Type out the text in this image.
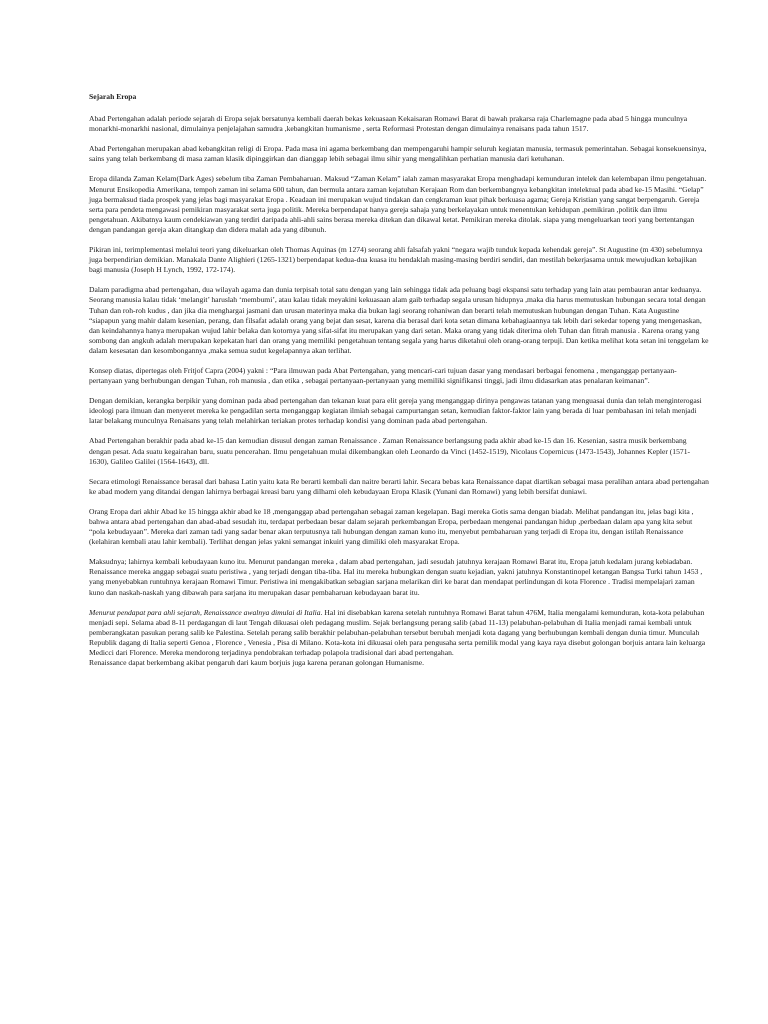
Sejarah Eropa

Abad Pertengahan adalah periode sejarah di Eropa sejak bersatunya kembali daerah bekas kekuasaan Kekaisaran Romawi Barat di bawah prakarsa raja Charlemagne pada abad 5 hingga munculnya monarkhi-monarkhi nasional, dimulainya penjelajahan samudra ,kebangkitan humanisme , serta Reformasi Protestan dengan dimulainya renaisans pada tahun 1517.

Abad Pertengahan merupakan abad kebangkitan religi di Eropa. Pada masa ini agama berkembang dan mempengaruhi hampir seluruh kegiatan manusia, termasuk pemerintahan. Sebagai konsekuensinya, sains yang telah berkembang di masa zaman klasik dipinggirkan dan dianggap lebih sebagai ilmu sihir yang mengalihkan perhatian manusia dari ketuhanan.

Eropa dilanda Zaman Kelam(Dark Ages) sebelum tiba Zaman Pembaharuan. Maksud “Zaman Kelam” ialah zaman masyarakat Eropa menghadapi kemunduran intelek dan kelembapan ilmu pengetahuan. Menurut Ensikopedia Amerikana, tempoh zaman ini selama 600 tahun, dan bermula antara zaman kejatuhan Kerajaan Rom dan berkembangnya kebangkitan intelektual pada abad ke-15 Masihi. “Gelap” juga bermaksud tiada prospek yang jelas bagi masyarakat Eropa . Keadaan ini merupakan wujud tindakan dan cengkraman kuat pihak berkuasa agama; Gereja Kristian yang sangat berpengaruh. Gereja serta para pendeta mengawasi pemikiran masyarakat serta juga politik. Mereka berpendapat hanya gereja sahaja yang berkelayakan untuk menentukan kehidupan ,pemikiran ,politik dan ilmu pengetahuan. Akibatnya kaum cendekiawan yang terdiri daripada ahli-ahli sains berasa mereka ditekan dan dikawal ketat. Pemikiran mereka ditolak. siapa yang mengeluarkan teori yang bertentangan dengan pandangan gereja akan ditangkap dan didera malah ada yang dibunuh.

Pikiran ini, terimplementasi melalui teori yang dikeluarkan oleh Thomas Aquinas (m 1274) seorang ahli falsafah yakni “negara wajib tunduk kepada kehendak gereja”. St Augustine (m 430) sebelumnya juga berpendirian demikian. Manakala Dante Alighieri (1265-1321) berpendapat kedua-dua kuasa itu hendaklah masing-masing berdiri sendiri, dan mestilah bekerjasama untuk mewujudkan kebajikan bagi manusia (Joseph H Lynch, 1992, 172-174).

Dalam paradigma abad pertengahan, dua wilayah agama dan dunia terpisah total satu dengan yang lain sehingga tidak ada peluang bagi ekspansi satu terhadap yang lain atau pembauran antar keduanya. Seorang manusia kalau tidak ‘melangit’ haruslah ‘membumi’, atau kalau tidak meyakini kekuasaan alam gaib terhadap segala urusan hidupnya ,maka dia harus memutuskan hubungan secara total dengan Tuhan dan roh-roh kudus , dan jika dia menghargai jasmani dan urusan materinya maka dia bukan lagi seorang rohaniwan dan berarti telah memutuskan hubungan dengan Tuhan. Kata Augustine “siapapun yang mahir dalam kesenian, perang, dan filsafat adalah orang yang bejat dan sesat, karena dia berasal dari kota setan dimana kebahagiaannya tak lebih dari sekedar topeng yang mengenaskan, dan keindahannya hanya merupakan wujud lahir belaka dan kotornya yang sifat-sifat itu merupakan yang dari setan. Maka orang yang tidak diterima oleh Tuhan dan fitrah manusia . Karena orang yang sombong dan angkuh adalah merupakan kepekatan hari dan orang yang memiliki pengetahuan tentang segala yang harus diketahui oleh orang-orang terpuji. Dan ketika melihat kota setan ini tenggelam ke dalam kesesatan dan kesombongannya ,maka semua sudut kegelapannya akan terlihat.

Konsep diatas, dipertegas oleh Fritjof Capra (2004) yakni : “Para ilmuwan pada Abat Pertengahan, yang mencari-cari tujuan dasar yang mendasari berbagai fenomena , menganggap pertanyaan-pertanyaan yang berhubungan dengan Tuhan, roh manusia , dan etika , sebagai pertanyaan-pertanyaan yang memiliki signifikansi tinggi, jadi ilmu didasarkan atas penalaran keimanan”.

Dengan demikian, kerangka berpikir yang dominan pada abad pertengahan dan tekanan kuat para elit gereja yang menganggap dirinya pengawas tatanan yang menguasai dunia dan telah menginterogasi ideologi para ilmuan dan menyeret mereka ke pengadilan serta menganggap kegiatan ilmiah sebagai campurtangan setan, kemudian faktor-faktor lain yang berada di luar pembahasan ini telah menjadi latar belakang munculnya Renaisans yang telah melahirkan teriakan protes terhadap kondisi yang dominan pada abad pertengahan.

Abad Pertengahan berakhir pada abad ke-15 dan kemudian disusul dengan zaman Renaissance . Zaman Renaissance berlangsung pada akhir abad ke-15 dan 16. Kesenian, sastra musik berkembang dengan pesat. Ada suatu kegairahan baru, suatu pencerahan. Ilmu pengetahuan mulai dikembangkan oleh Leonardo da Vinci (1452-1519), Nicolaus Copernicus (1473-1543), Johannes Kepler (1571-1630), Galileo Galilei (1564-1643), dll.

Secara etimologi Renaissance berasal dari bahasa Latin yaitu kata Re berarti kembali dan naitre berarti lahir. Secara bebas kata Renaissance dapat diartikan sebagai masa peralihan antara abad pertengahan ke abad modern yang ditandai dengan lahirnya berbagai kreasi baru yang dilhami oleh kebudayaan Eropa Klasik (Yunani dan Romawi) yang lebih bersifat duniawi.

Orang Eropa dari akhir Abad ke 15 hingga akhir abad ke 18 ,menganggap abad pertengahan sebagai zaman kegelapan. Bagi mereka Gotis sama dengan biadab. Melihat pandangan itu, jelas bagi kita , bahwa antara abad pertengahan dan abad-abad sesudah itu, terdapat perbedaan besar dalam sejarah perkembangan Eropa, perbedaan mengenai pandangan hidup ,perbedaan dalam apa yang kita sebut “pola kebudayaan”. Mereka dari zaman tadi yang sadar benar akan terputusnya tali hubungan dengan zaman kuno itu, menyebut pembaharuan yang terjadi di Eropa itu, dengan istilah Renaissance (kelahiran kembali atau lahir kembali). Terlihat dengan jelas yakni semangat inkuiri yang dimiliki oleh masyarakat Eropa.

Maksudnya; lahirnya kembali kebudayaan kuno itu. Menurut pandangan mereka , dalam abad pertengahan, jadi sesudah jatuhnya kerajaan Romawi Barat itu, Eropa jatuh kedalam jurang kebiadaban. Renaissance mereka anggap sebagai suatu peristiwa , yang terjadi dengan tiba-tiba. Hal itu mereka hubungkan dengan suatu kejadian, yakni jatuhnya Konstantinopel ketangan Bangsa Turki tahun 1453 , yang menyebabkan runtuhnya kerajaan Romawi Timur. Peristiwa ini mengakibatkan sebagian sarjana melarikan diri ke barat dan mendapat perlindungan di kota Florence . Tradisi mempelajari zaman kuno dan naskah-naskah yang dibawah para sarjana itu merupakan dasar pembaharuan kebudayaan barat itu.

Menurut pendapat para ahli sejarah, Renaissance awalnya dimulai di Italia. Hal ini disebabkan karena setelah runtuhnya Romawi Barat tahun 476M, Italia mengalami kemunduran, kota-kota pelabuhan menjadi sepi. Selama abad 8-11 perdagangan di laut Tengah dikuasai oleh pedagang muslim. Sejak berlangsung perang salib (abad 11-13) pelabuhan-pelabuhan di Italia menjadi ramai kembali untuk pemberangkatan pasukan perang salib ke Palestina. Setelah perang salib berakhir pelabuhan-pelabuhan tersebut berubah menjadi kota dagang yang berhubungan kembali dengan dunia timur. Munculah Republik dagang di Italia seperti Genoa , Florence , Venesia , Pisa di Milano. Kota-kota ini dikuasai oleh para pengusaha serta pemilik modal yang kaya raya disebut golongan borjuis antara lain keluarga Medicci dari Florence. Mereka mendorong terjadinya pendobrakan terhadap polapola tradisional dari abad pertengahan.

Renaissance dapat berkembang akibat pengaruh dari kaum borjuis juga karena peranan golongan Humanisme.
